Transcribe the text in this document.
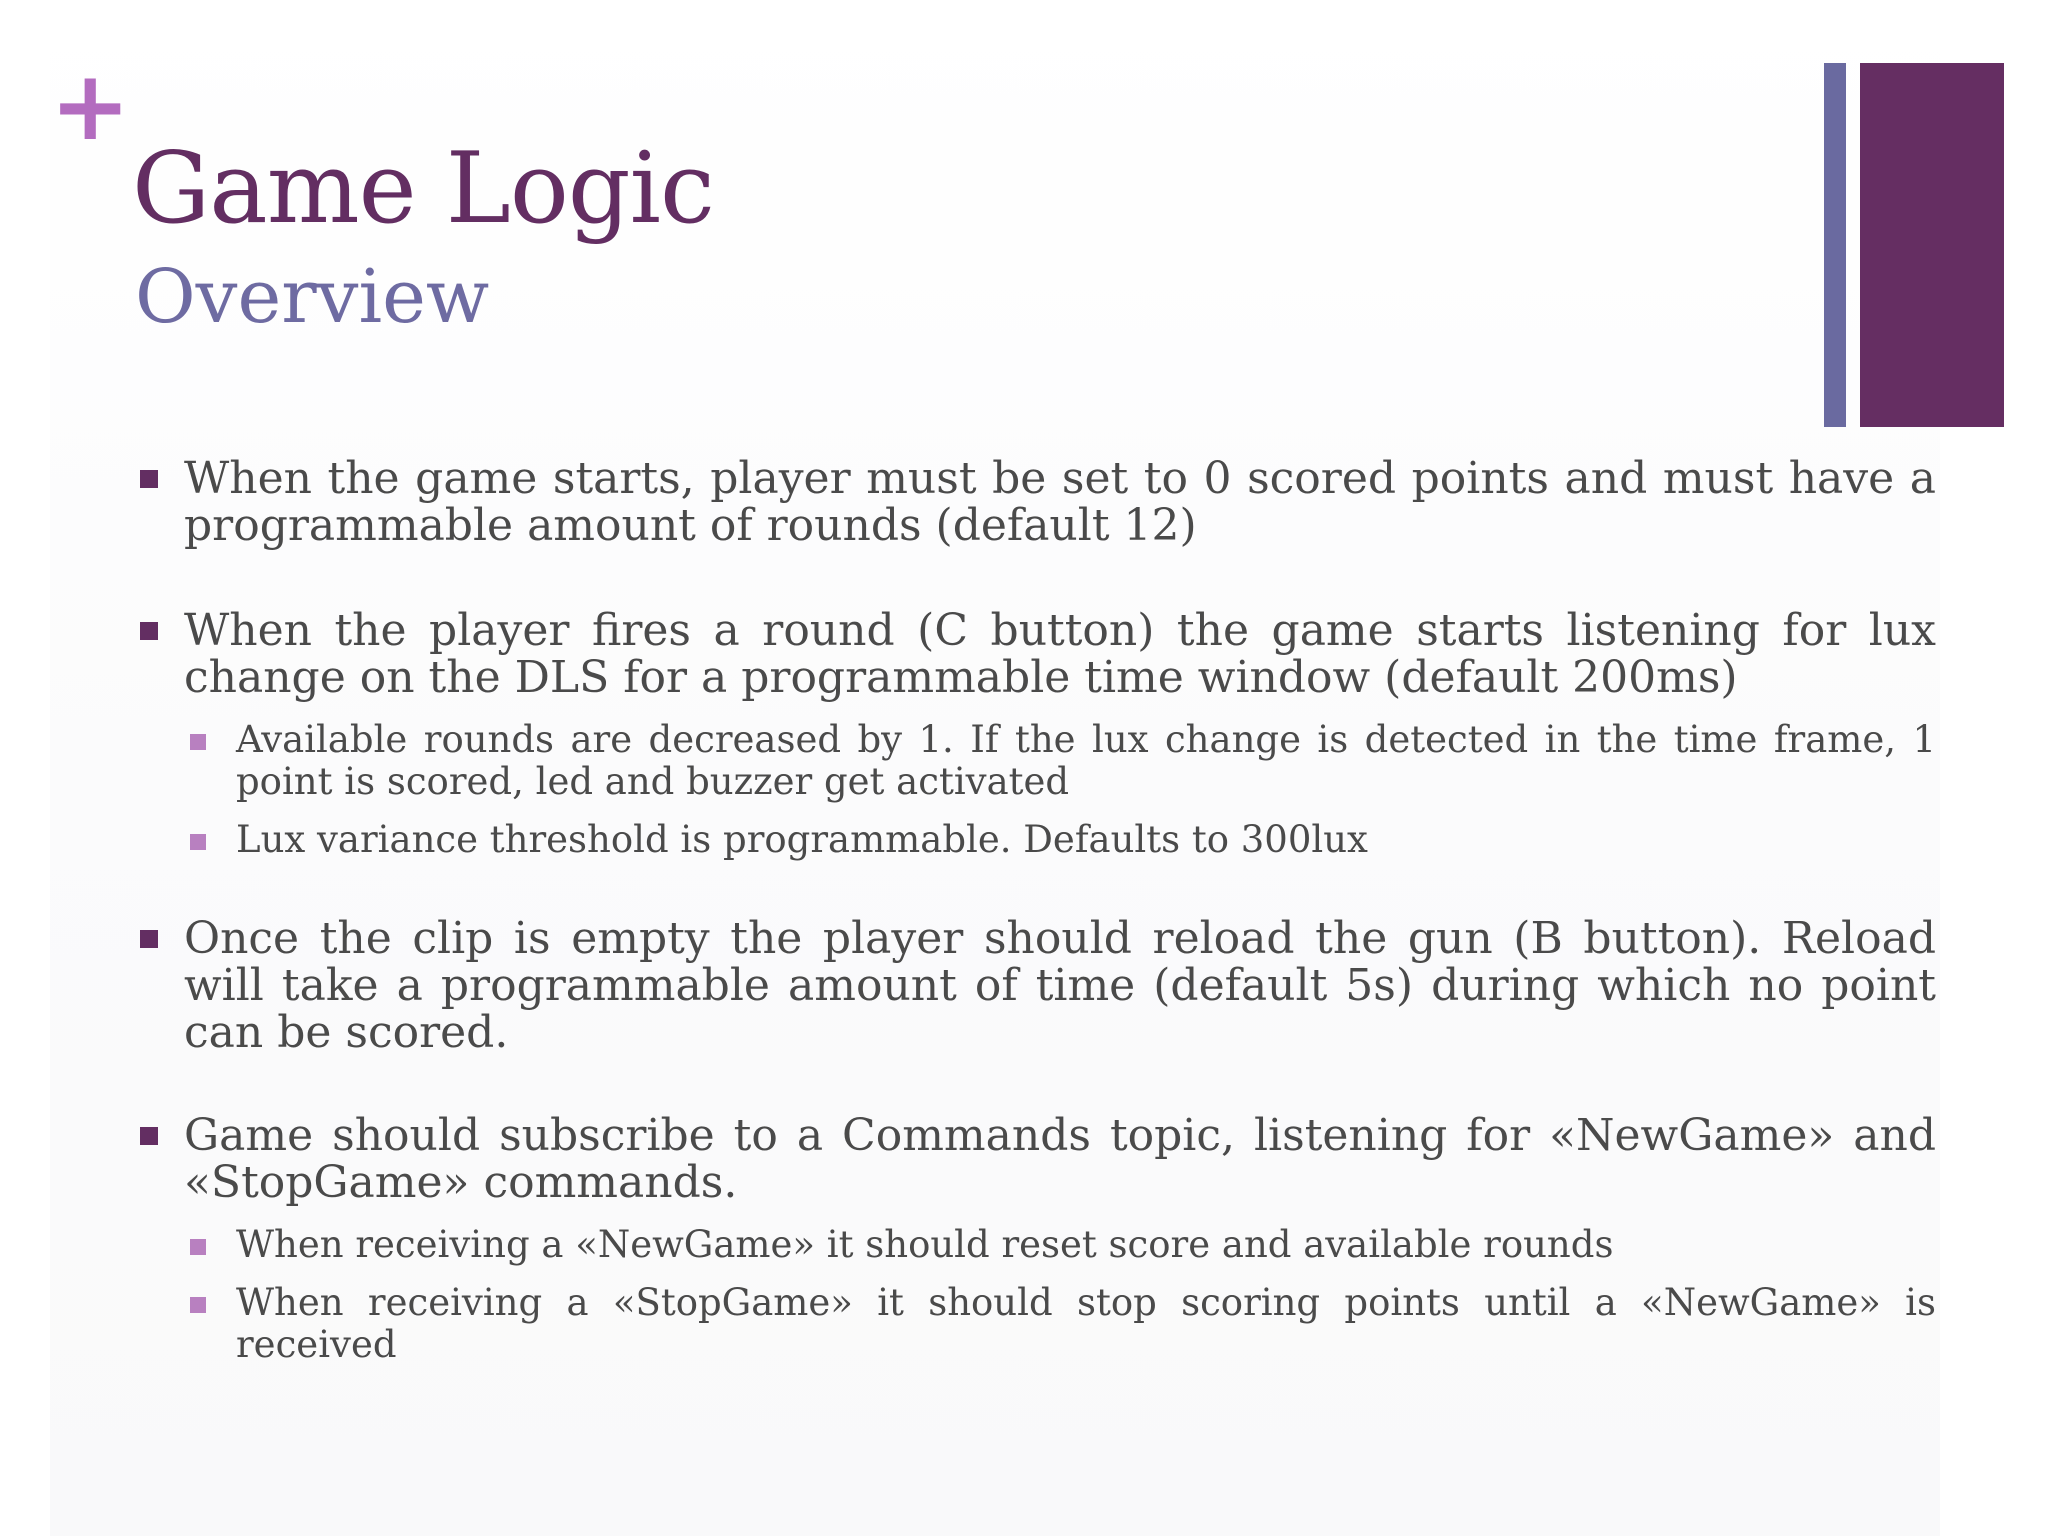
+
Game Logic
Overview
When the game starts, player must be set to 0 scored points and must have a programmable amount of rounds (default 12)
When the player fires a round (C button) the game starts listening for lux change on the DLS for a programmable time window (default 200ms)
Available rounds are decreased by 1. If the lux change is detected in the time frame, 1 point is scored, led and buzzer get activated
Lux variance threshold is programmable. Defaults to 300lux
Once the clip is empty the player should reload the gun (B button). Reload will take a programmable amount of time (default 5s) during which no point can be scored.
Game should subscribe to a Commands topic, listening for «NewGame» and «StopGame» commands.
When receiving a «NewGame» it should reset score and available rounds
When receiving a «StopGame» it should stop scoring points until a «NewGame» is received
